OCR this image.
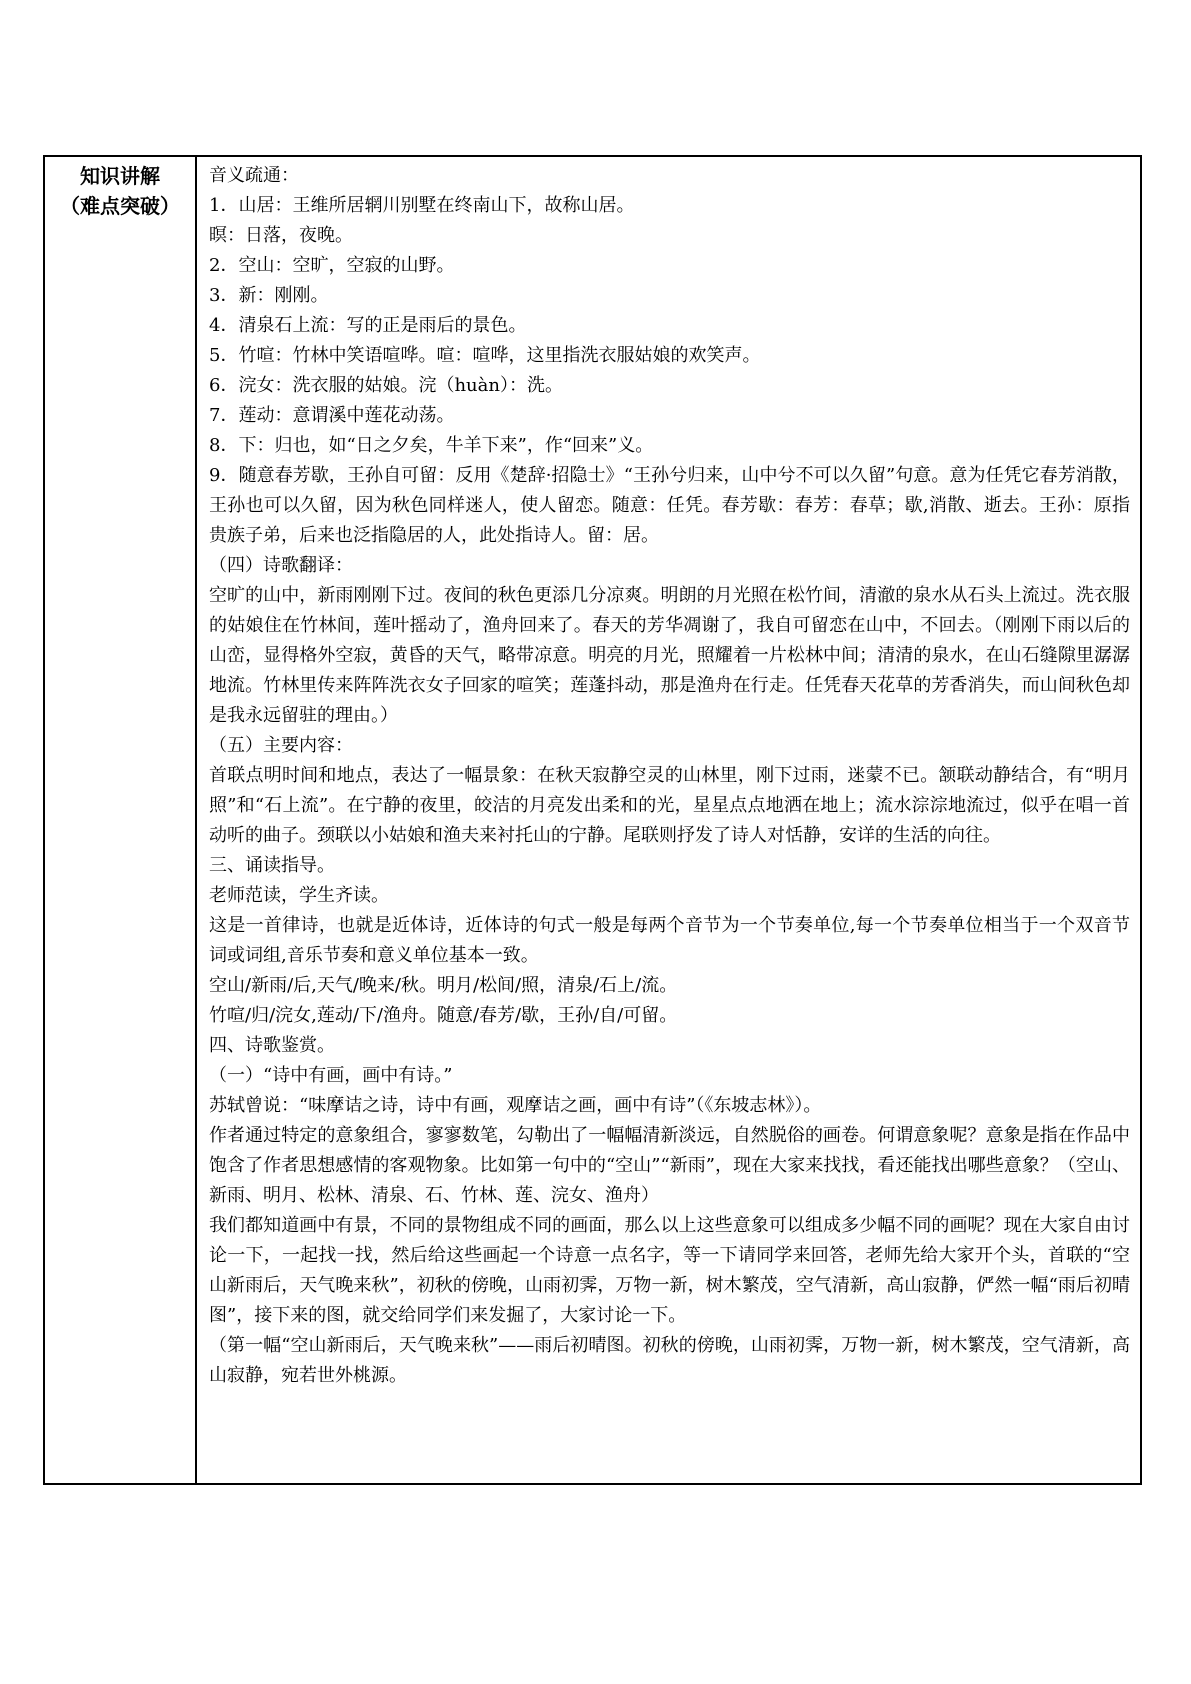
知识讲解
（难点突破）

音义疏通：

1．山居：王维所居辋川别墅在终南山下，故称山居。

暝：日落，夜晚。

2．空山：空旷，空寂的山野。

3．新：刚刚。

4．清泉石上流：写的正是雨后的景色。

5．竹喧：竹林中笑语喧哗。喧：喧哗，这里指洗衣服姑娘的欢笑声。

6．浣女：洗衣服的姑娘。浣（huàn）：洗。

7．莲动：意谓溪中莲花动荡。

8．下：归也，如“日之夕矣，牛羊下来”，作“回来”义。

9．随意春芳歇，王孙自可留：反用《楚辞·招隐士》“王孙兮归来，山中兮不可以久留”句意。意为任凭它春芳消散，王孙也可以久留，因为秋色同样迷人，使人留恋。随意：任凭。春芳歇：春芳：春草；歇,消散、逝去。王孙：原指贵族子弟，后来也泛指隐居的人，此处指诗人。留：居。

（四）诗歌翻译：

空旷的山中，新雨刚刚下过。夜间的秋色更添几分凉爽。明朗的月光照在松竹间，清澈的泉水从石头上流过。洗衣服的姑娘住在竹林间，莲叶摇动了，渔舟回来了。春天的芳华凋谢了，我自可留恋在山中，不回去。（刚刚下雨以后的山峦，显得格外空寂，黄昏的天气，略带凉意。明亮的月光，照耀着一片松林中间；清清的泉水，在山石缝隙里潺潺地流。竹林里传来阵阵洗衣女子回家的喧笑；莲蓬抖动，那是渔舟在行走。任凭春天花草的芳香消失，而山间秋色却是我永远留驻的理由。）

（五）主要内容：

首联点明时间和地点，表达了一幅景象：在秋天寂静空灵的山林里，刚下过雨，迷蒙不已。颔联动静结合，有“明月照”和“石上流”。在宁静的夜里，皎洁的月亮发出柔和的光，星星点点地洒在地上；流水淙淙地流过，似乎在唱一首动听的曲子。颈联以小姑娘和渔夫来衬托山的宁静。尾联则抒发了诗人对恬静，安详的生活的向往。

三、诵读指导。

老师范读，学生齐读。

这是一首律诗，也就是近体诗，近体诗的句式一般是每两个音节为一个节奏单位,每一个节奏单位相当于一个双音节词或词组,音乐节奏和意义单位基本一致。

空山/新雨/后,天气/晚来/秋。明月/松间/照，清泉/石上/流。

竹喧/归/浣女,莲动/下/渔舟。随意/春芳/歇，王孙/自/可留。

四、诗歌鉴赏。

（一）“诗中有画，画中有诗。”

苏轼曾说：“味摩诘之诗，诗中有画，观摩诘之画，画中有诗”（《东坡志林》）。

作者通过特定的意象组合，寥寥数笔，勾勒出了一幅幅清新淡远，自然脱俗的画卷。何谓意象呢？意象是指在作品中饱含了作者思想感情的客观物象。比如第一句中的“空山”“新雨”，现在大家来找找，看还能找出哪些意象？（空山、新雨、明月、松林、清泉、石、竹林、莲、浣女、渔舟）

我们都知道画中有景，不同的景物组成不同的画面，那么以上这些意象可以组成多少幅不同的画呢？现在大家自由讨论一下，一起找一找，然后给这些画起一个诗意一点名字，等一下请同学来回答，老师先给大家开个头，首联的“空山新雨后，天气晚来秋”，初秋的傍晚，山雨初霁，万物一新，树木繁茂，空气清新，高山寂静，俨然一幅“雨后初晴图”，接下来的图，就交给同学们来发掘了，大家讨论一下。

（第一幅“空山新雨后，天气晚来秋”——雨后初晴图。初秋的傍晚，山雨初霁，万物一新，树木繁茂，空气清新，高山寂静，宛若世外桃源。
